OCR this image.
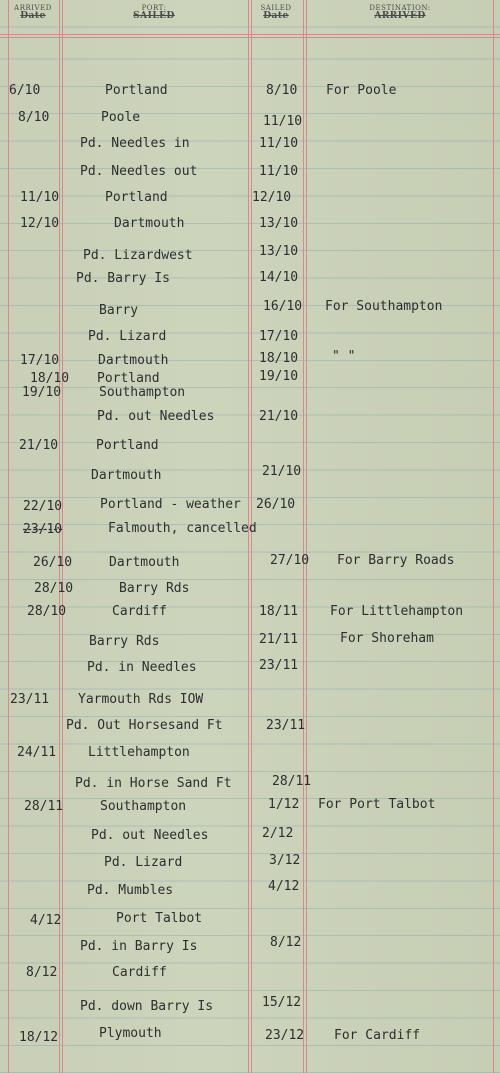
ARRIVED

Date
PORT:

SAILED
SAILED

Date
DESTINATION:

ARRIVED
6/10	Portland	8/10 For Poole
8/10	Poole	11/10
Pd. Needles in	11/10
Pd. Needles out	11/10
11/10	Portland	12/10
12/10	Dartmouth	13/10
Pd. Lizardwest	13/10
Pd. Barry Is	14/10
Barry	16/10 For Southampton
Pd. Lizard	17/10
17/10	Dartmouth	18/10	" "
18/10 Portland	19/10
19/10	Southampton
Pd. out Needles	21/10
21/10	Portland
Dartmouth	21/10
22/10	Portland - weather 26/10
23/10	Falmouth, cancelled
26/10	Dartmouth	27/10 For Barry Roads
28/10	Barry Rds
28/10	Cardiff	18/11 For Littlehampton
Barry Rds	21/11	For Shoreham
Pd. in Needles	23/11
23/11 Yarmouth Rds IOW
Pd. Out Horsesand Ft	23/11
24/11 Littlehampton
Pd. in Horse Sand Ft	28/11
28/11	Southampton	1/12 For Port Talbot
Pd. out Needles	2/12
Pd. Lizard	3/12
Pd. Mumbles	4/12
4/12	Port Talbot
Pd. in Barry Is	8/12
8/12	Cardiff
Pd. down Barry Is	15/12
18/12	Plymouth	23/12 For Cardiff
